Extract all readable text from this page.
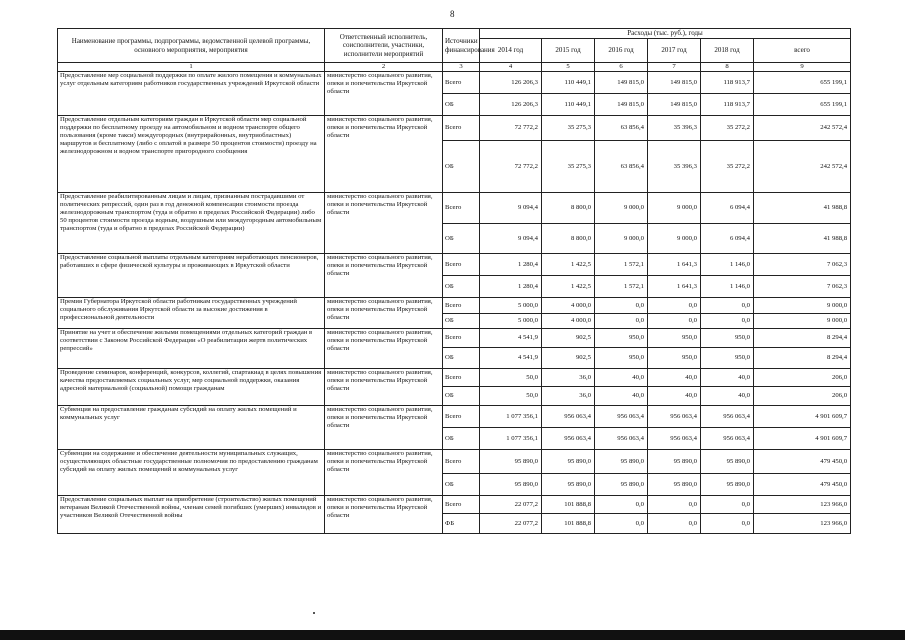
8
Наименование программы, подпрограммы, ведомственной целевой программы, основного мероприятия, мероприятия	Ответственный исполнитель, соисполнители, участники, исполнители мероприятий	Источники финансирования	Расходы (тыс. руб.), годы					
			2014 год	2015 год	2016 год	2017 год	2018 год	всего
1	2	3	4	5	6	7	8	9
Предоставление мер социальной поддержки по оплате жилого помещения и коммунальных услуг отдельным категориям работников государственных учреждений Иркутской области	министерство социального развития, опеки и попечительства Иркутской области	Всего	126 206,3	110 449,1	149 815,0	149 815,0	118 913,7	655 199,1
		ОБ	126 206,3	110 449,1	149 815,0	149 815,0	118 913,7	655 199,1
Предоставление отдельным категориям граждан в Иркутской области мер социальной поддержки по бесплатному проезду на автомобильном и водном транспорте общего пользования (кроме такси) междугородных (внутрирайонных, внутриобластных) маршрутов и бесплатному (либо с оплатой в размере 50 процентов стоимости) проезду на железнодорожном и водном транспорте пригородного сообщения	министерство социального развития, опеки и попечительства Иркутской области	Всего	72 772,2	35 275,3	63 856,4	35 396,3	35 272,2	242 572,4
		ОБ	72 772,2	35 275,3	63 856,4	35 396,3	35 272,2	242 572,4
Предоставление реабилитированным лицам и лицам, признанным пострадавшими от политических репрессий, один раз в год денежной компенсации стоимости проезда железнодорожным транспортом (туда и обратно в пределах Российской Федерации) либо 50 процентов стоимости проезда водным, воздушным или междугородным автомобильным транспортом (туда и обратно в пределах Российской Федерации)	министерство социального развития, опеки и попечительства Иркутской области	Всего	9 094,4	8 800,0	9 000,0	9 000,0	6 094,4	41 988,8
		ОБ	9 094,4	8 800,0	9 000,0	9 000,0	6 094,4	41 988,8
Предоставление социальной выплаты отдельным категориям неработающих пенсионеров, работавших в сфере физической культуры и проживающих в Иркутской области	министерство социального развития, опеки и попечительства Иркутской области	Всего	1 280,4	1 422,5	1 572,1	1 641,3	1 146,0	7 062,3
		ОБ	1 280,4	1 422,5	1 572,1	1 641,3	1 146,0	7 062,3
Премия Губернатора Иркутской области работникам государственных учреждений социального обслуживания Иркутской области за высокие достижения в профессиональной деятельности	министерство социального развития, опеки и попечительства Иркутской области	Всего	5 000,0	4 000,0	0,0	0,0	0,0	9 000,0
		ОБ	5 000,0	4 000,0	0,0	0,0	0,0	9 000,0
Принятие на учет и обеспечение жилыми помещениями отдельных категорий граждан в соответствии с Законом Российской Федерации «О реабилитации жертв политических репрессий»	министерство социального развития, опеки и попечительства Иркутской области	Всего	4 541,9	902,5	950,0	950,0	950,0	8 294,4
		ОБ	4 541,9	902,5	950,0	950,0	950,0	8 294,4
Проведение семинаров, конференций, конкурсов, коллегий, спартакиад в целях повышения качества предоставляемых социальных услуг, мер социальной поддержки, оказания адресной материальной (социальной) помощи гражданам	министерство социального развития, опеки и попечительства Иркутской области	Всего	50,0	36,0	40,0	40,0	40,0	206,0
		ОБ	50,0	36,0	40,0	40,0	40,0	206,0
Субвенция на предоставление гражданам субсидий на оплату жилых помещений и коммунальных услуг	министерство социального развития, опеки и попечительства Иркутской области	Всего	1 077 356,1	956 063,4	956 063,4	956 063,4	956 063,4	4 901 609,7
		ОБ	1 077 356,1	956 063,4	956 063,4	956 063,4	956 063,4	4 901 609,7
Субвенции на содержание и обеспечение деятельности муниципальных служащих, осуществляющих областные государственные полномочия по предоставлению гражданам субсидий на оплату жилых помещений и коммунальных услуг	министерство социального развития, опеки и попечительства Иркутской области	Всего	95 890,0	95 890,0	95 890,0	95 890,0	95 890,0	479 450,0
		ОБ	95 890,0	95 890,0	95 890,0	95 890,0	95 890,0	479 450,0
Предоставление социальных выплат на приобретение (строительство) жилых помещений ветеранам Великой Отечественной войны, членам семей погибших (умерших) инвалидов и участников Великой Отечественной войны	министерство социального развития, опеки и попечительства Иркутской области	Всего	22 077,2	101 888,8	0,0	0,0	0,0	123 966,0
		ФБ	22 077,2	101 888,8	0,0	0,0	0,0	123 966,0
